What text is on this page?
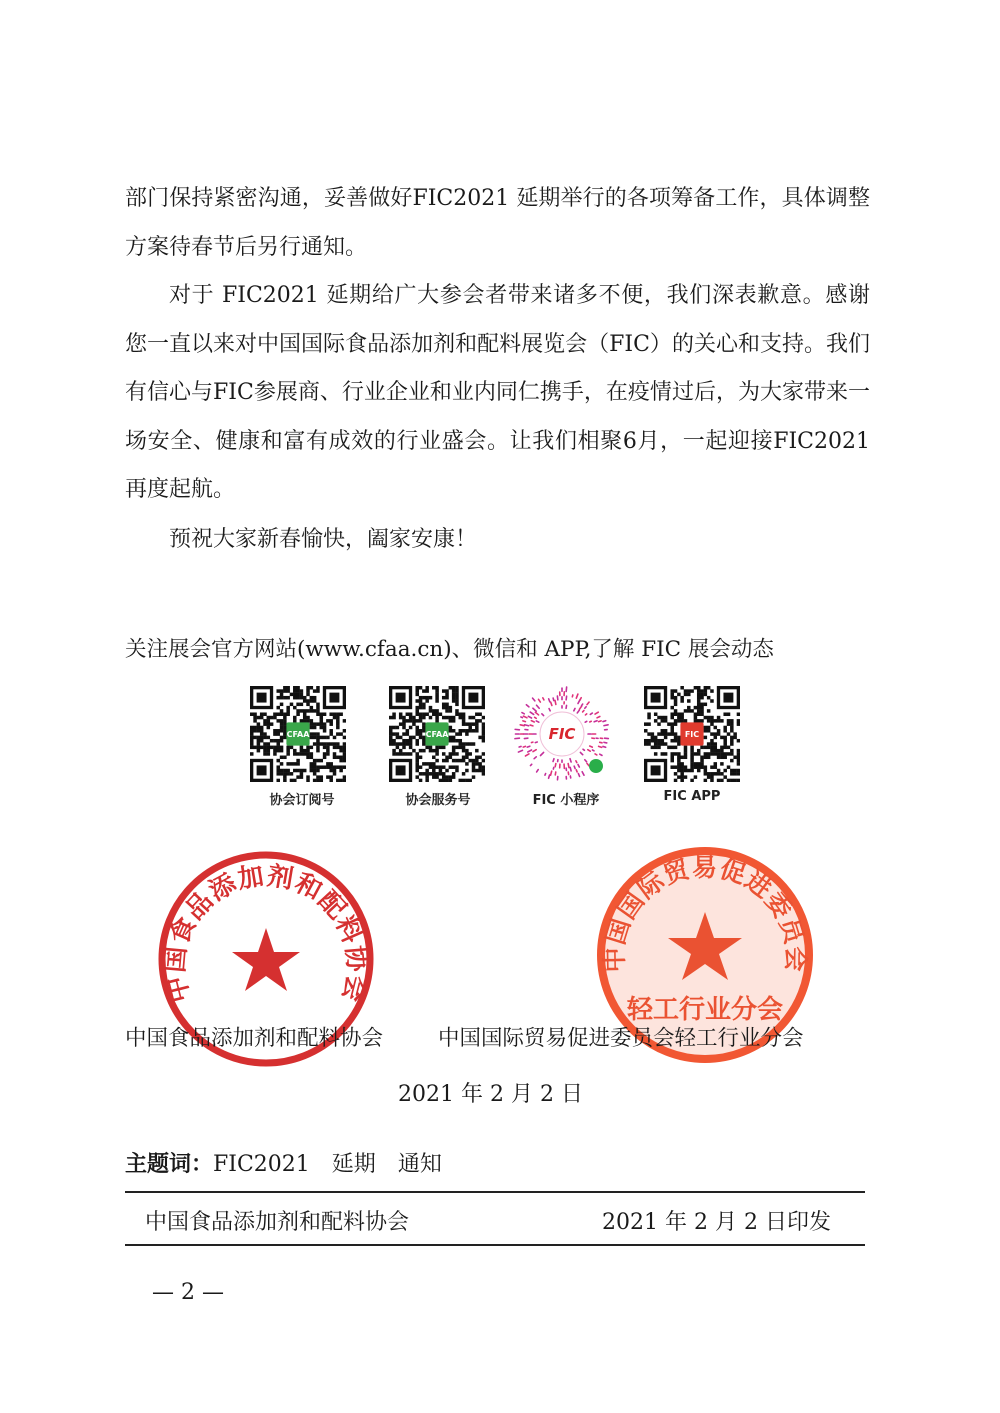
部门保持紧密沟通，妥善做好FIC2021 延期举行的各项筹备工作，具体调整方案待春节后另行通知。

对于 FIC2021 延期给广大参会者带来诸多不便，我们深表歉意。感谢您一直以来对中国国际食品添加剂和配料展览会（FIC）的关心和支持。我们有信心与FIC参展商、行业企业和业内同仁携手，在疫情过后，为大家带来一场安全、健康和富有成效的行业盛会。让我们相聚6月，一起迎接FIC2021 再度起航。

预祝大家新春愉快，阖家安康！

关注展会官方网站(www.cfaa.cn)、微信和 APP,了解 FIC 展会动态
CFAA	CFAA	FIC	FIC
协会订阅号	协会服务号	FIC 小程序	FIC APP
中国食品添加剂和配料协会
中国国际贸易促进委员会
轻工行业分会
中国食品添加剂和配料协会	中国国际贸易促进委员会轻工行业分会
2021 年 2 月 2 日
主题词：FIC2021 延期 通知
中国食品添加剂和配料协会	2021 年 2 月 2 日印发
— 2 —
